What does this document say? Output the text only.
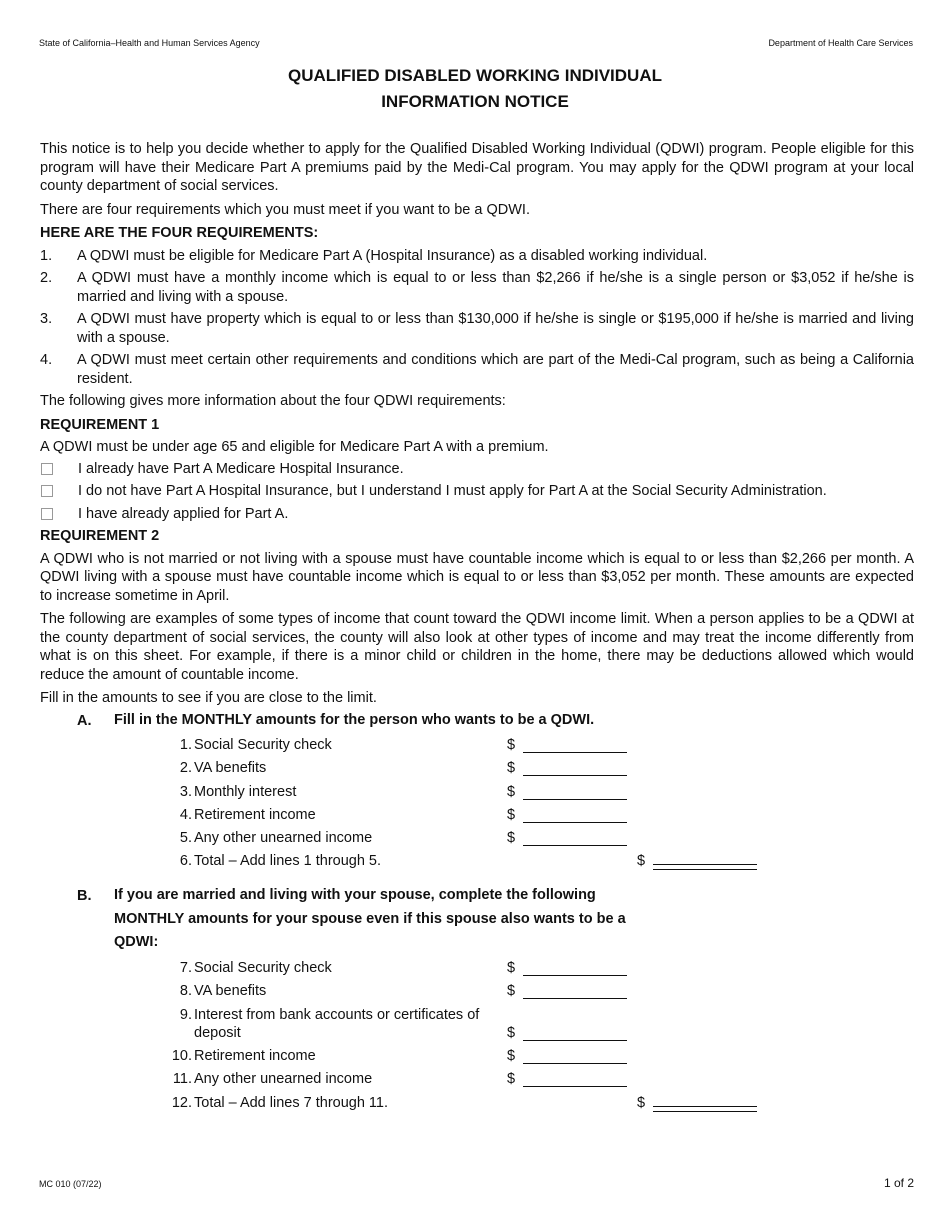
State of California–Health and Human Services Agency	Department of Health Care Services
QUALIFIED DISABLED WORKING INDIVIDUAL
INFORMATION NOTICE

This notice is to help you decide whether to apply for the Qualified Disabled Working Individual (QDWI) program. People eligible for this program will have their Medicare Part A premiums paid by the Medi-Cal program. You may apply for the QDWI program at your local county department of social services.

There are four requirements which you must meet if you want to be a QDWI.

HERE ARE THE FOUR REQUIREMENTS:
1.	A QDWI must be eligible for Medicare Part A (Hospital Insurance) as a disabled working individual.
2.	A QDWI must have a monthly income which is equal to or less than $2,266 if he/she is a single person or $3,052 if he/she is married and living with a spouse.
3.	A QDWI must have property which is equal to or less than $130,000 if he/she is single or $195,000 if he/she is married and living with a spouse.
4.	A QDWI must meet certain other requirements and conditions which are part of the Medi-Cal program, such as being a California resident.

The following gives more information about the four QDWI requirements:

REQUIREMENT 1

A QDWI must be under age 65 and eligible for Medicare Part A with a premium.

I already have Part A Medicare Hospital Insurance.
I do not have Part A Hospital Insurance, but I understand I must apply for Part A at the Social Security Administration.
I have already applied for Part A.
REQUIREMENT 2

A QDWI who is not married or not living with a spouse must have countable income which is equal to or less than $2,266 per month. A QDWI living with a spouse must have countable income which is equal to or less than $3,052 per month. These amounts are expected to increase sometime in April.

The following are examples of some types of income that count toward the QDWI income limit. When a person applies to be a QDWI at the county department of social services, the county will also look at other types of income and may treat the income differently from what is on this sheet. For example, if there is a minor child or children in the home, there may be deductions allowed which would reduce the amount of countable income.

Fill in the amounts to see if you are close to the limit.

A.	Fill in the MONTHLY amounts for the person who wants to be a QDWI.
1. Social Security check	$
2. VA benefits	$
3. Monthly interest	$
4. Retirement income	$
5. Any other unearned income	$
6. Total – Add lines 1 through 5.	$
B.	If you are married and living with your spouse, complete the following MONTHLY amounts for your spouse even if this spouse also wants to be a QDWI:
7. Social Security check	$
8. VA benefits	$
9. Interest from bank accounts or certificates of deposit	$
10. Retirement income	$
11. Any other unearned income	$
12. Total – Add lines 7 through 11.	$
MC 010 (07/22)	1 of 2
